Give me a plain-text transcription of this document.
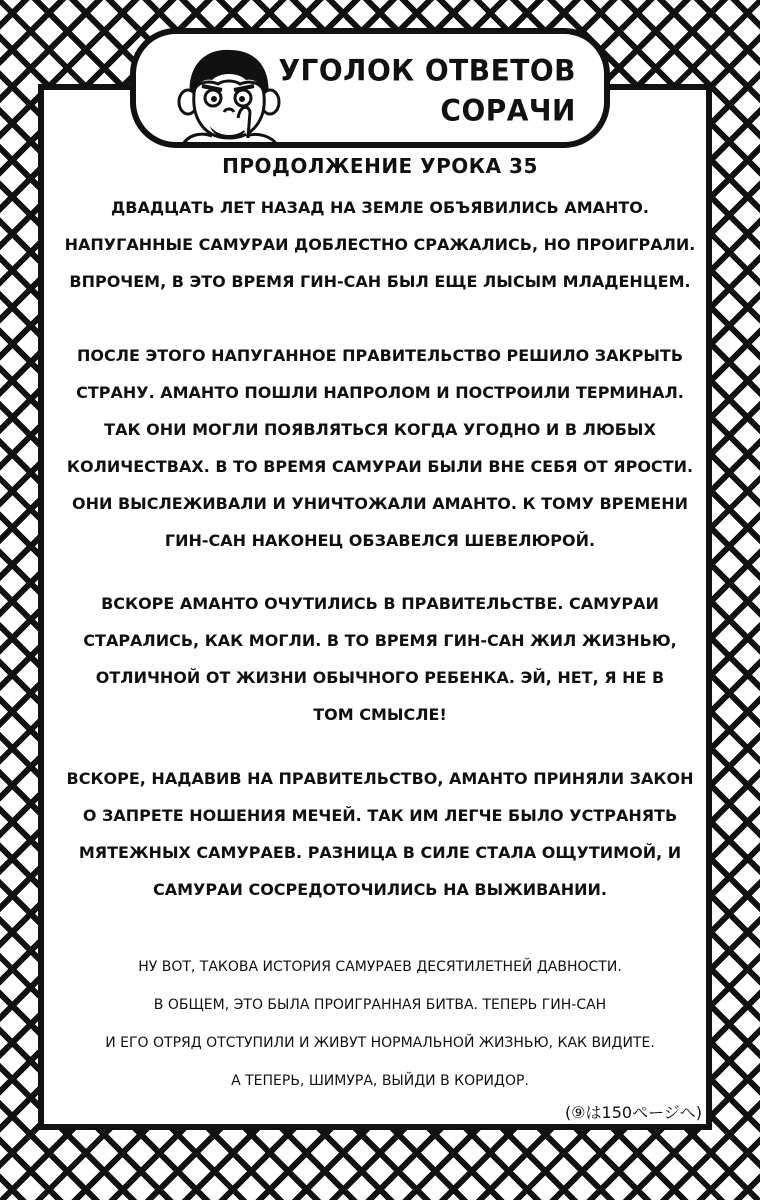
УГОЛОК ОТВЕТОВ
СОРАЧИ
ПРОДОЛЖЕНИЕ УРОКА 35
ДВАДЦАТЬ ЛЕТ НАЗАД НА ЗЕМЛЕ ОБЪЯВИЛИСЬ АМАНТО.
НАПУГАННЫЕ САМУРАИ ДОБЛЕСТНО СРАЖАЛИСЬ, НО ПРОИГРАЛИ.
ВПРОЧЕМ, В ЭТО ВРЕМЯ ГИН-САН БЫЛ ЕЩЕ ЛЫСЫМ МЛАДЕНЦЕМ.
ПОСЛЕ ЭТОГО НАПУГАННОЕ ПРАВИТЕЛЬСТВО РЕШИЛО ЗАКРЫТЬ
СТРАНУ. АМАНТО ПОШЛИ НАПРОЛОМ И ПОСТРОИЛИ ТЕРМИНАЛ.
ТАК ОНИ МОГЛИ ПОЯВЛЯТЬСЯ КОГДА УГОДНО И В ЛЮБЫХ
КОЛИЧЕСТВАХ. В ТО ВРЕМЯ САМУРАИ БЫЛИ ВНЕ СЕБЯ ОТ ЯРОСТИ.
ОНИ ВЫСЛЕЖИВАЛИ И УНИЧТОЖАЛИ АМАНТО. К ТОМУ ВРЕМЕНИ
ГИН-САН НАКОНЕЦ ОБЗАВЕЛСЯ ШЕВЕЛЮРОЙ.
ВСКОРЕ АМАНТО ОЧУТИЛИСЬ В ПРАВИТЕЛЬСТВЕ. САМУРАИ
СТАРАЛИСЬ, КАК МОГЛИ. В ТО ВРЕМЯ ГИН-САН ЖИЛ ЖИЗНЬЮ,
ОТЛИЧНОЙ ОТ ЖИЗНИ ОБЫЧНОГО РЕБЕНКА. ЭЙ, НЕТ, Я НЕ В
ТОМ СМЫСЛЕ!
ВСКОРЕ, НАДАВИВ НА ПРАВИТЕЛЬСТВО, АМАНТО ПРИНЯЛИ ЗАКОН
О ЗАПРЕТЕ НОШЕНИЯ МЕЧЕЙ. ТАК ИМ ЛЕГЧЕ БЫЛО УСТРАНЯТЬ
МЯТЕЖНЫХ САМУРАЕВ. РАЗНИЦА В СИЛЕ СТАЛА ОЩУТИМОЙ, И
САМУРАИ СОСРЕДОТОЧИЛИСЬ НА ВЫЖИВАНИИ.
НУ ВОТ, ТАКОВА ИСТОРИЯ САМУРАЕВ ДЕСЯТИЛЕТНЕЙ ДАВНОСТИ.
В ОБЩЕМ, ЭТО БЫЛА ПРОИГРАННАЯ БИТВА. ТЕПЕРЬ ГИН-САН
И ЕГО ОТРЯД ОТСТУПИЛИ И ЖИВУТ НОРМАЛЬНОЙ ЖИЗНЬЮ, КАК ВИДИТЕ.
А ТЕПЕРЬ, ШИМУРА, ВЫЙДИ В КОРИДОР.
(⑨は150ページへ)
